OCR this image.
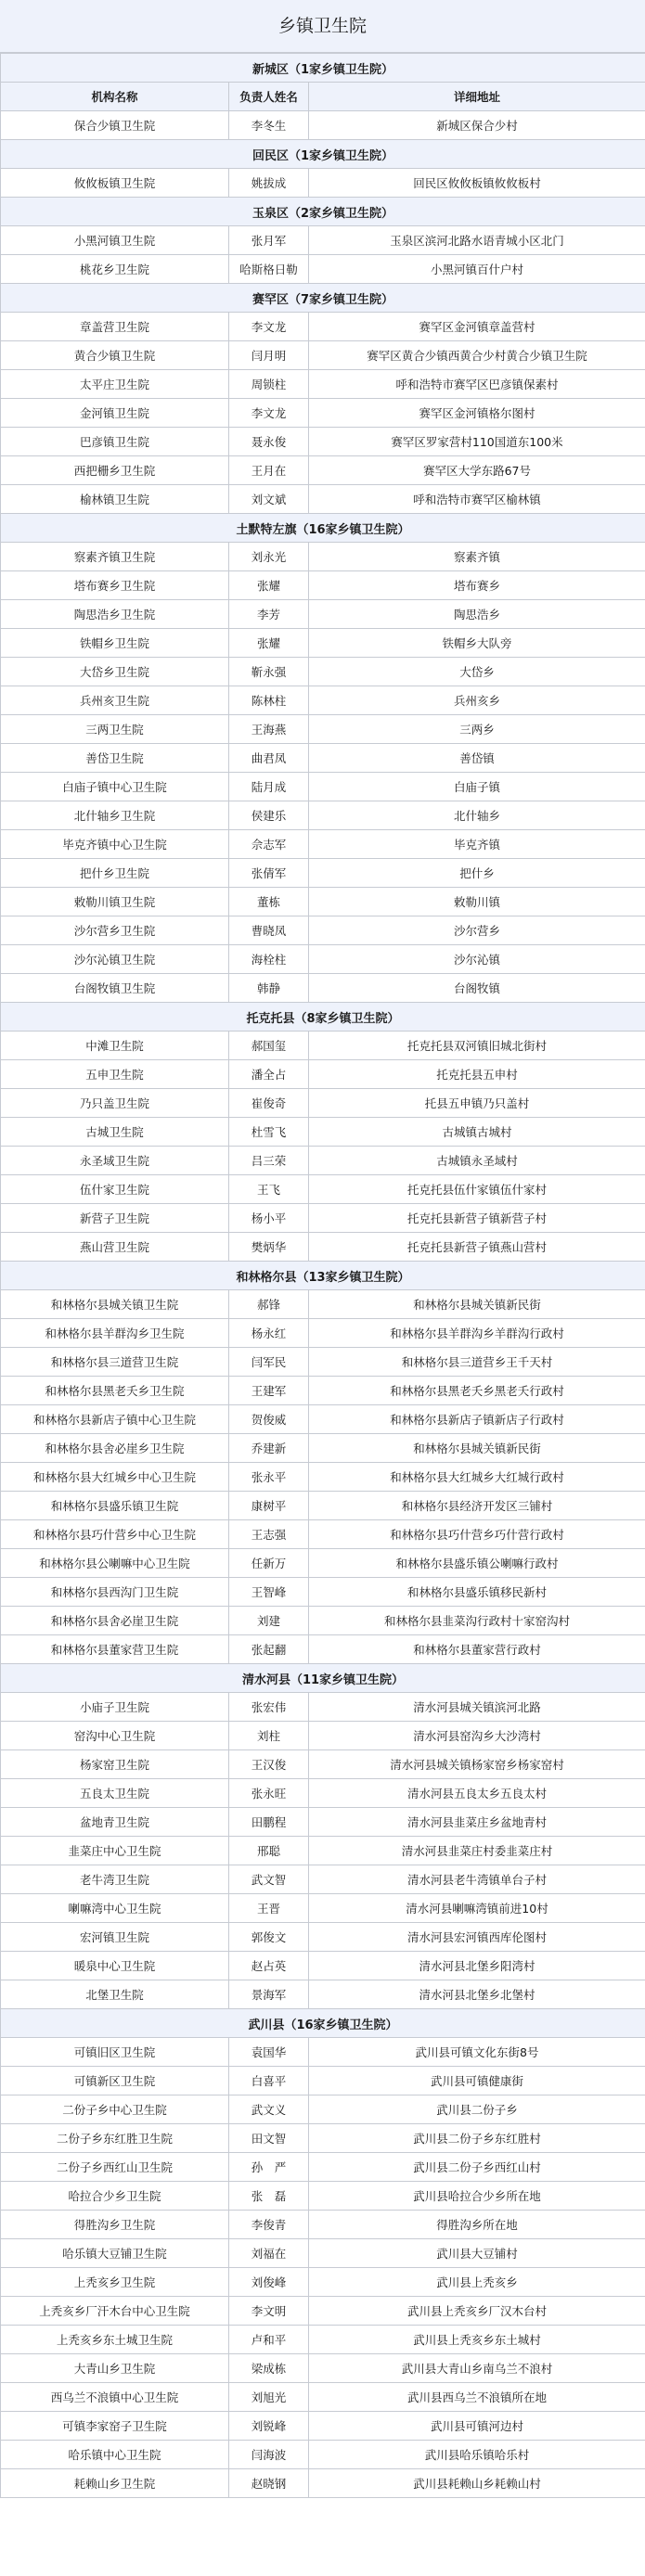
乡镇卫生院
新城区（1家乡镇卫生院）		
机构名称	负责人姓名	详细地址
保合少镇卫生院	李冬生	新城区保合少村
回民区（1家乡镇卫生院）		
攸攸板镇卫生院	姚拔成	回民区攸攸板镇攸攸板村
玉泉区（2家乡镇卫生院）		
小黑河镇卫生院	张月军	玉泉区滨河北路水语青城小区北门
桃花乡卫生院	哈斯格日勒	小黑河镇百什户村
赛罕区（7家乡镇卫生院）		
章盖营卫生院	李文龙	赛罕区金河镇章盖营村
黄合少镇卫生院	闫月明	赛罕区黄合少镇西黄合少村黄合少镇卫生院
太平庄卫生院	周锁柱	呼和浩特市赛罕区巴彦镇保素村
金河镇卫生院	李文龙	赛罕区金河镇格尔图村
巴彦镇卫生院	聂永俊	赛罕区罗家营村110国道东100米
西把栅乡卫生院	王月在	赛罕区大学东路67号
榆林镇卫生院	刘文斌	呼和浩特市赛罕区榆林镇
土默特左旗（16家乡镇卫生院）		
察素齐镇卫生院	刘永光	察素齐镇
塔布赛乡卫生院	张耀	塔布赛乡
陶思浩乡卫生院	李芳	陶思浩乡
铁帽乡卫生院	张耀	铁帽乡大队旁
大岱乡卫生院	靳永强	大岱乡
兵州亥卫生院	陈林柱	兵州亥乡
三两卫生院	王海燕	三两乡
善岱卫生院	曲君凤	善岱镇
白庙子镇中心卫生院	陆月成	白庙子镇
北什轴乡卫生院	侯建乐	北什轴乡
毕克齐镇中心卫生院	佘志军	毕克齐镇
把什乡卫生院	张倩军	把什乡
敕勒川镇卫生院	董栋	敕勒川镇
沙尔营乡卫生院	曹晓凤	沙尔营乡
沙尔沁镇卫生院	海栓柱	沙尔沁镇
台阁牧镇卫生院	韩静	台阁牧镇
托克托县（8家乡镇卫生院）		
中滩卫生院	郝国玺	托克托县双河镇旧城北街村
五申卫生院	潘全占	托克托县五申村
乃只盖卫生院	崔俊奇	托县五申镇乃只盖村
古城卫生院	杜雪飞	古城镇古城村
永圣域卫生院	吕三荣	古城镇永圣域村
伍什家卫生院	王飞	托克托县伍什家镇伍什家村
新营子卫生院	杨小平	托克托县新营子镇新营子村
燕山营卫生院	樊炳华	托克托县新营子镇燕山营村
和林格尔县（13家乡镇卫生院）		
和林格尔县城关镇卫生院	郝锋	和林格尔县城关镇新民街
和林格尔县羊群沟乡卫生院	杨永红	和林格尔县羊群沟乡羊群沟行政村
和林格尔县三道营卫生院	闫军民	和林格尔县三道营乡王千天村
和林格尔县黑老夭乡卫生院	王建军	和林格尔县黑老夭乡黑老夭行政村
和林格尔县新店子镇中心卫生院	贺俊威	和林格尔县新店子镇新店子行政村
和林格尔县舍必崖乡卫生院	乔建新	和林格尔县城关镇新民街
和林格尔县大红城乡中心卫生院	张永平	和林格尔县大红城乡大红城行政村
和林格尔县盛乐镇卫生院	康树平	和林格尔县经济开发区三铺村
和林格尔县巧什营乡中心卫生院	王志强	和林格尔县巧什营乡巧什营行政村
和林格尔县公喇嘛中心卫生院	任新万	和林格尔县盛乐镇公喇嘛行政村
和林格尔县西沟门卫生院	王智峰	和林格尔县盛乐镇移民新村
和林格尔县舍必崖卫生院	刘建	和林格尔县韭菜沟行政村十家窑沟村
和林格尔县董家营卫生院	张起翻	和林格尔县董家营行政村
清水河县（11家乡镇卫生院）		
小庙子卫生院	张宏伟	清水河县城关镇滨河北路
窑沟中心卫生院	刘柱	清水河县窑沟乡大沙湾村
杨家窑卫生院	王汉俊	清水河县城关镇杨家窑乡杨家窑村
五良太卫生院	张永旺	清水河县五良太乡五良太村
盆地青卫生院	田鹏程	清水河县韭菜庄乡盆地青村
韭菜庄中心卫生院	邢聪	清水河县韭菜庄村委韭菜庄村
老牛湾卫生院	武文智	清水河县老牛湾镇单台子村
喇嘛湾中心卫生院	王晋	清水河县喇嘛湾镇前进10村
宏河镇卫生院	郭俊文	清水河县宏河镇西库伦图村
暖泉中心卫生院	赵占英	清水河县北堡乡阳湾村
北堡卫生院	景海军	清水河县北堡乡北堡村
武川县（16家乡镇卫生院）		
可镇旧区卫生院	袁国华	武川县可镇文化东街8号
可镇新区卫生院	白喜平	武川县可镇健康街
二份子乡中心卫生院	武文义	武川县二份子乡
二份子乡东红胜卫生院	田文智	武川县二份子乡东红胜村
二份子乡西红山卫生院	孙　严	武川县二份子乡西红山村
哈拉合少乡卫生院	张　磊	武川县哈拉合少乡所在地
得胜沟乡卫生院	李俊青	得胜沟乡所在地
哈乐镇大豆铺卫生院	刘福在	武川县大豆铺村
上秃亥乡卫生院	刘俊峰	武川县上秃亥乡
上秃亥乡厂汗木台中心卫生院	李文明	武川县上秃亥乡厂汉木台村
上秃亥乡东土城卫生院	卢和平	武川县上秃亥乡东土城村
大青山乡卫生院	梁成栋	武川县大青山乡南乌兰不浪村
西乌兰不浪镇中心卫生院	刘旭光	武川县西乌兰不浪镇所在地
可镇李家窑子卫生院	刘锐峰	武川县可镇河边村
哈乐镇中心卫生院	闫海波	武川县哈乐镇哈乐村
耗赖山乡卫生院	赵晓钢	武川县耗赖山乡耗赖山村
